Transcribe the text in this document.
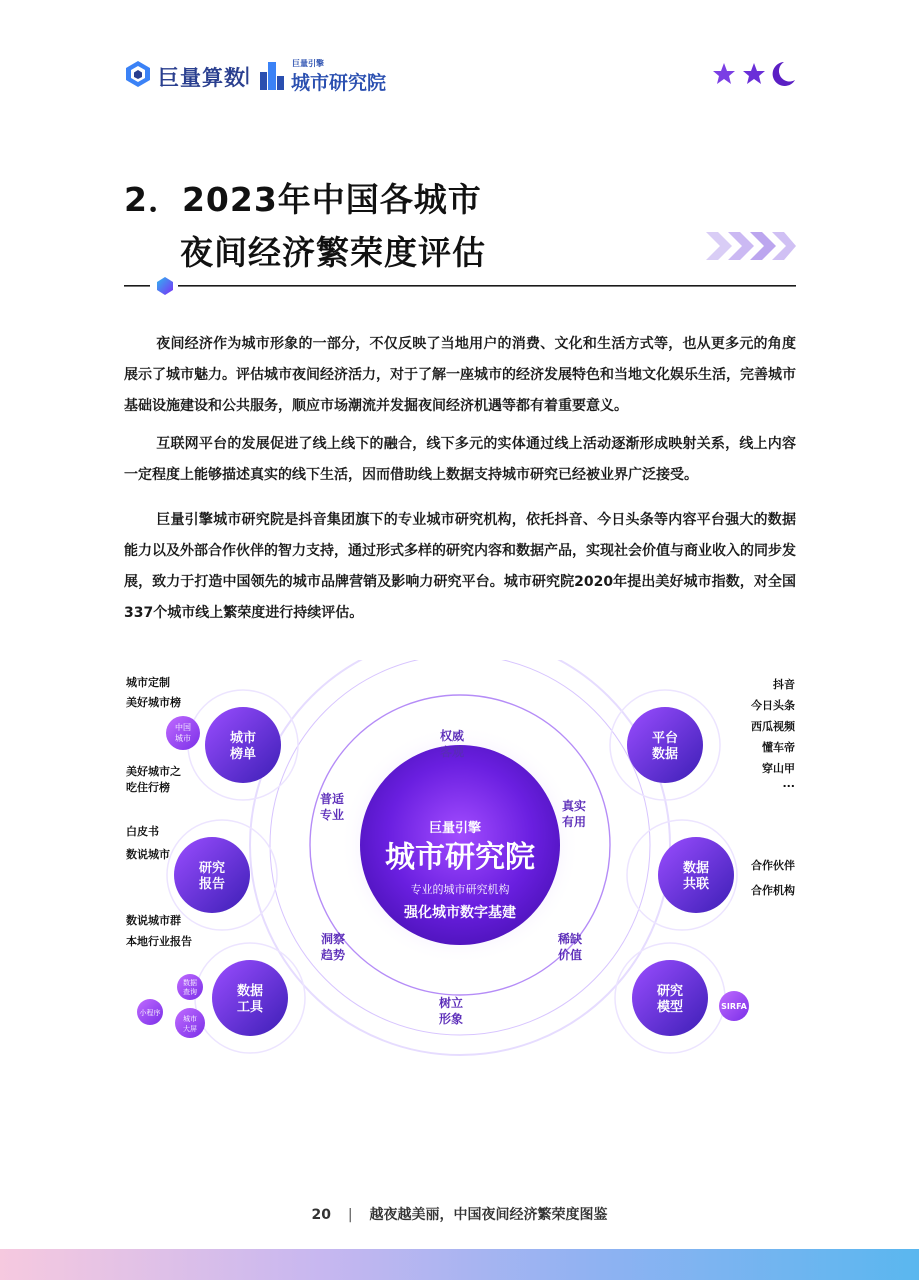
巨量算数
|
巨量引擎
城市研究院
2．2023年中国各城市
夜间经济繁荣度评估
夜间经济作为城市形象的一部分，不仅反映了当地用户的消费、文化和生活方式等，也从更多元的角度展示了城市魅力。评估城市夜间经济活力，对于了解一座城市的经济发展特色和当地文化娱乐生活，完善城市基础设施建设和公共服务，顺应市场潮流并发掘夜间经济机遇等都有着重要意义。
互联网平台的发展促进了线上线下的融合，线下多元的实体通过线上活动逐渐形成映射关系，线上内容一定程度上能够描述真实的线下生活，因而借助线上数据支持城市研究已经被业界广泛接受。
巨量引擎城市研究院是抖音集团旗下的专业城市研究机构，依托抖音、今日头条等内容平台强大的数据能力以及外部合作伙伴的智力支持，通过形式多样的研究内容和数据产品，实现社会价值与商业收入的同步发展，致力于打造中国领先的城市品牌营销及影响力研究平台。城市研究院2020年提出美好城市指数，对全国337个城市线上繁荣度进行持续评估。
权威
客观
真实
有用
稀缺
价值
树立
形象
洞察
趋势
普适
专业
巨量引擎
城市研究院
专业的城市研究机构
强化城市数字基建
城市
榜单
研究
报告
数据
工具
平台
数据
数据
共联
研究
模型
中国
城市
数据
查询
小程序
城市
大屏
SIRFA
城市定制
美好城市榜
美好城市之
吃住行榜
白皮书
数说城市
数说城市群
本地行业报告
抖音
今日头条
西瓜视频
懂车帝
穿山甲
...
合作伙伴
合作机构
20 | 越夜越美丽，中国夜间经济繁荣度图鉴
